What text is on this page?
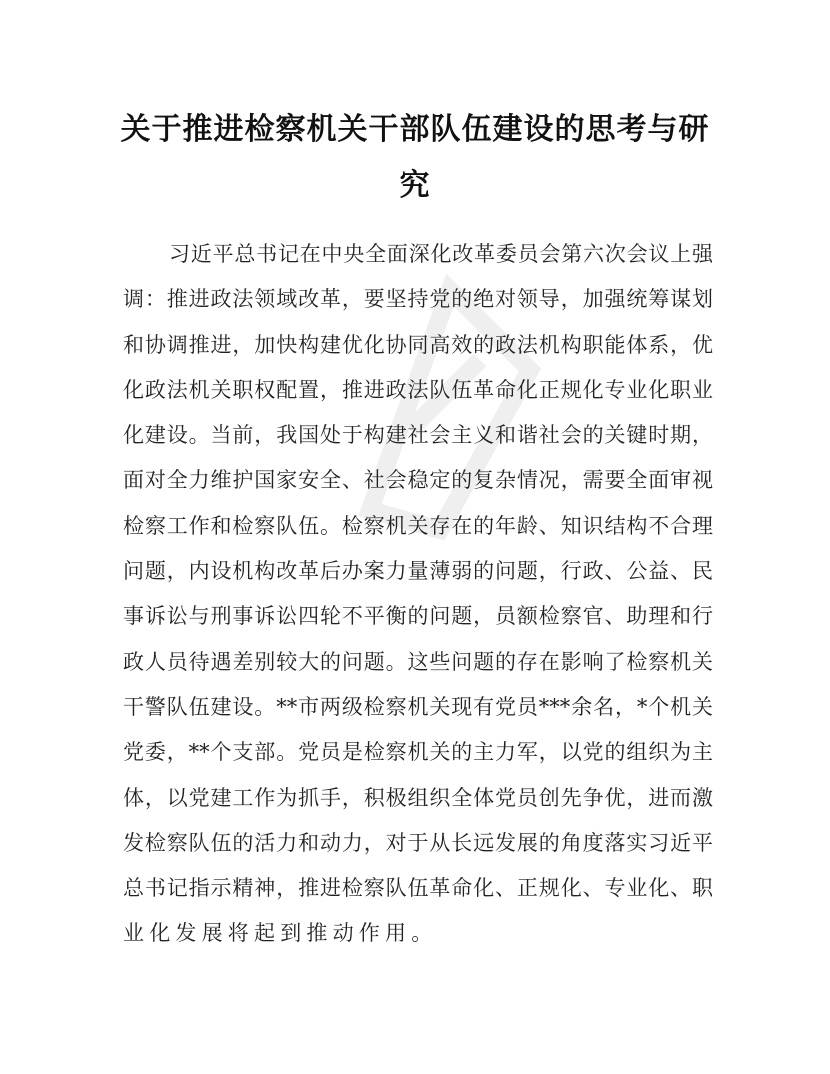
关于推进检察机关干部队伍建设的思考与研
究
习近平总书记在中央全面深化改革委员会第六次会议上强
调：推进政法领域改革，要坚持党的绝对领导，加强统筹谋划
和协调推进，加快构建优化协同高效的政法机构职能体系，优
化政法机关职权配置，推进政法队伍革命化正规化专业化职业
化建设。当前，我国处于构建社会主义和谐社会的关键时期，
面对全力维护国家安全、社会稳定的复杂情况，需要全面审视
检察工作和检察队伍。检察机关存在的年龄、知识结构不合理
问题，内设机构改革后办案力量薄弱的问题，行政、公益、民
事诉讼与刑事诉讼四轮不平衡的问题，员额检察官、助理和行
政人员待遇差别较大的问题。这些问题的存在影响了检察机关
干警队伍建设。**市两级检察机关现有党员***余名，*个机关
党委，**个支部。党员是检察机关的主力军，以党的组织为主
体，以党建工作为抓手，积极组织全体党员创先争优，进而激
发检察队伍的活力和动力，对于从长远发展的角度落实习近平
总书记指示精神，推进检察队伍革命化、正规化、专业化、职
业化发展将起到推动作用。
